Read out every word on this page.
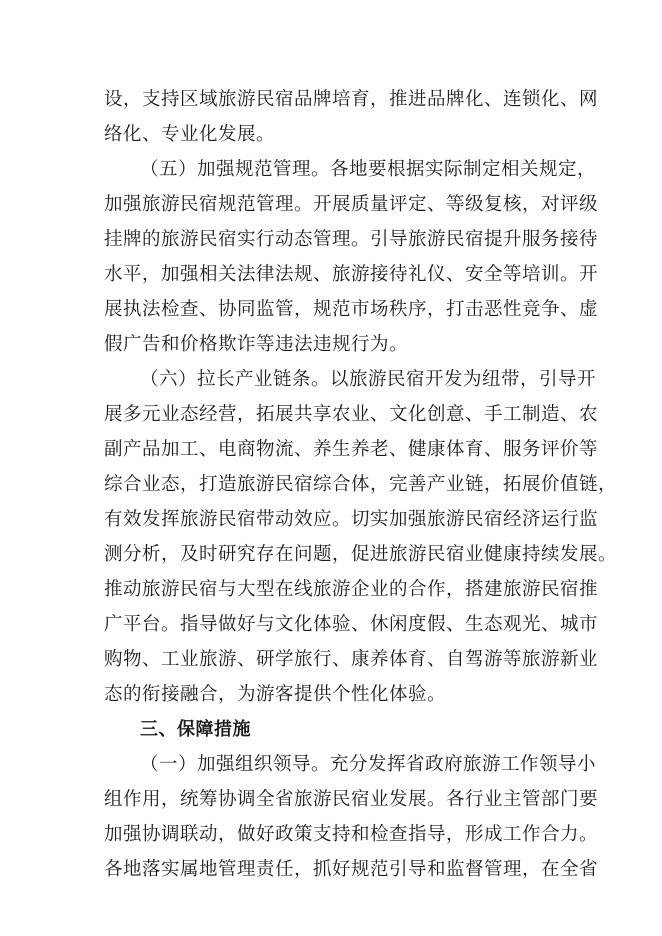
设，支持区域旅游民宿品牌培育，推进品牌化、连锁化、网
络化、专业化发展。
（五）加强规范管理。各地要根据实际制定相关规定，
加强旅游民宿规范管理。开展质量评定、等级复核，对评级
挂牌的旅游民宿实行动态管理。引导旅游民宿提升服务接待
水平，加强相关法律法规、旅游接待礼仪、安全等培训。开
展执法检查、协同监管，规范市场秩序，打击恶性竞争、虚
假广告和价格欺诈等违法违规行为。
（六）拉长产业链条。以旅游民宿开发为纽带，引导开
展多元业态经营，拓展共享农业、文化创意、手工制造、农
副产品加工、电商物流、养生养老、健康体育、服务评价等
综合业态，打造旅游民宿综合体，完善产业链，拓展价值链，
有效发挥旅游民宿带动效应。切实加强旅游民宿经济运行监
测分析，及时研究存在问题，促进旅游民宿业健康持续发展。
推动旅游民宿与大型在线旅游企业的合作，搭建旅游民宿推
广平台。指导做好与文化体验、休闲度假、生态观光、城市
购物、工业旅游、研学旅行、康养体育、自驾游等旅游新业
态的衔接融合，为游客提供个性化体验。
三、保障措施
（一）加强组织领导。充分发挥省政府旅游工作领导小
组作用，统筹协调全省旅游民宿业发展。各行业主管部门要
加强协调联动，做好政策支持和检查指导，形成工作合力。
各地落实属地管理责任，抓好规范引导和监督管理，在全省
